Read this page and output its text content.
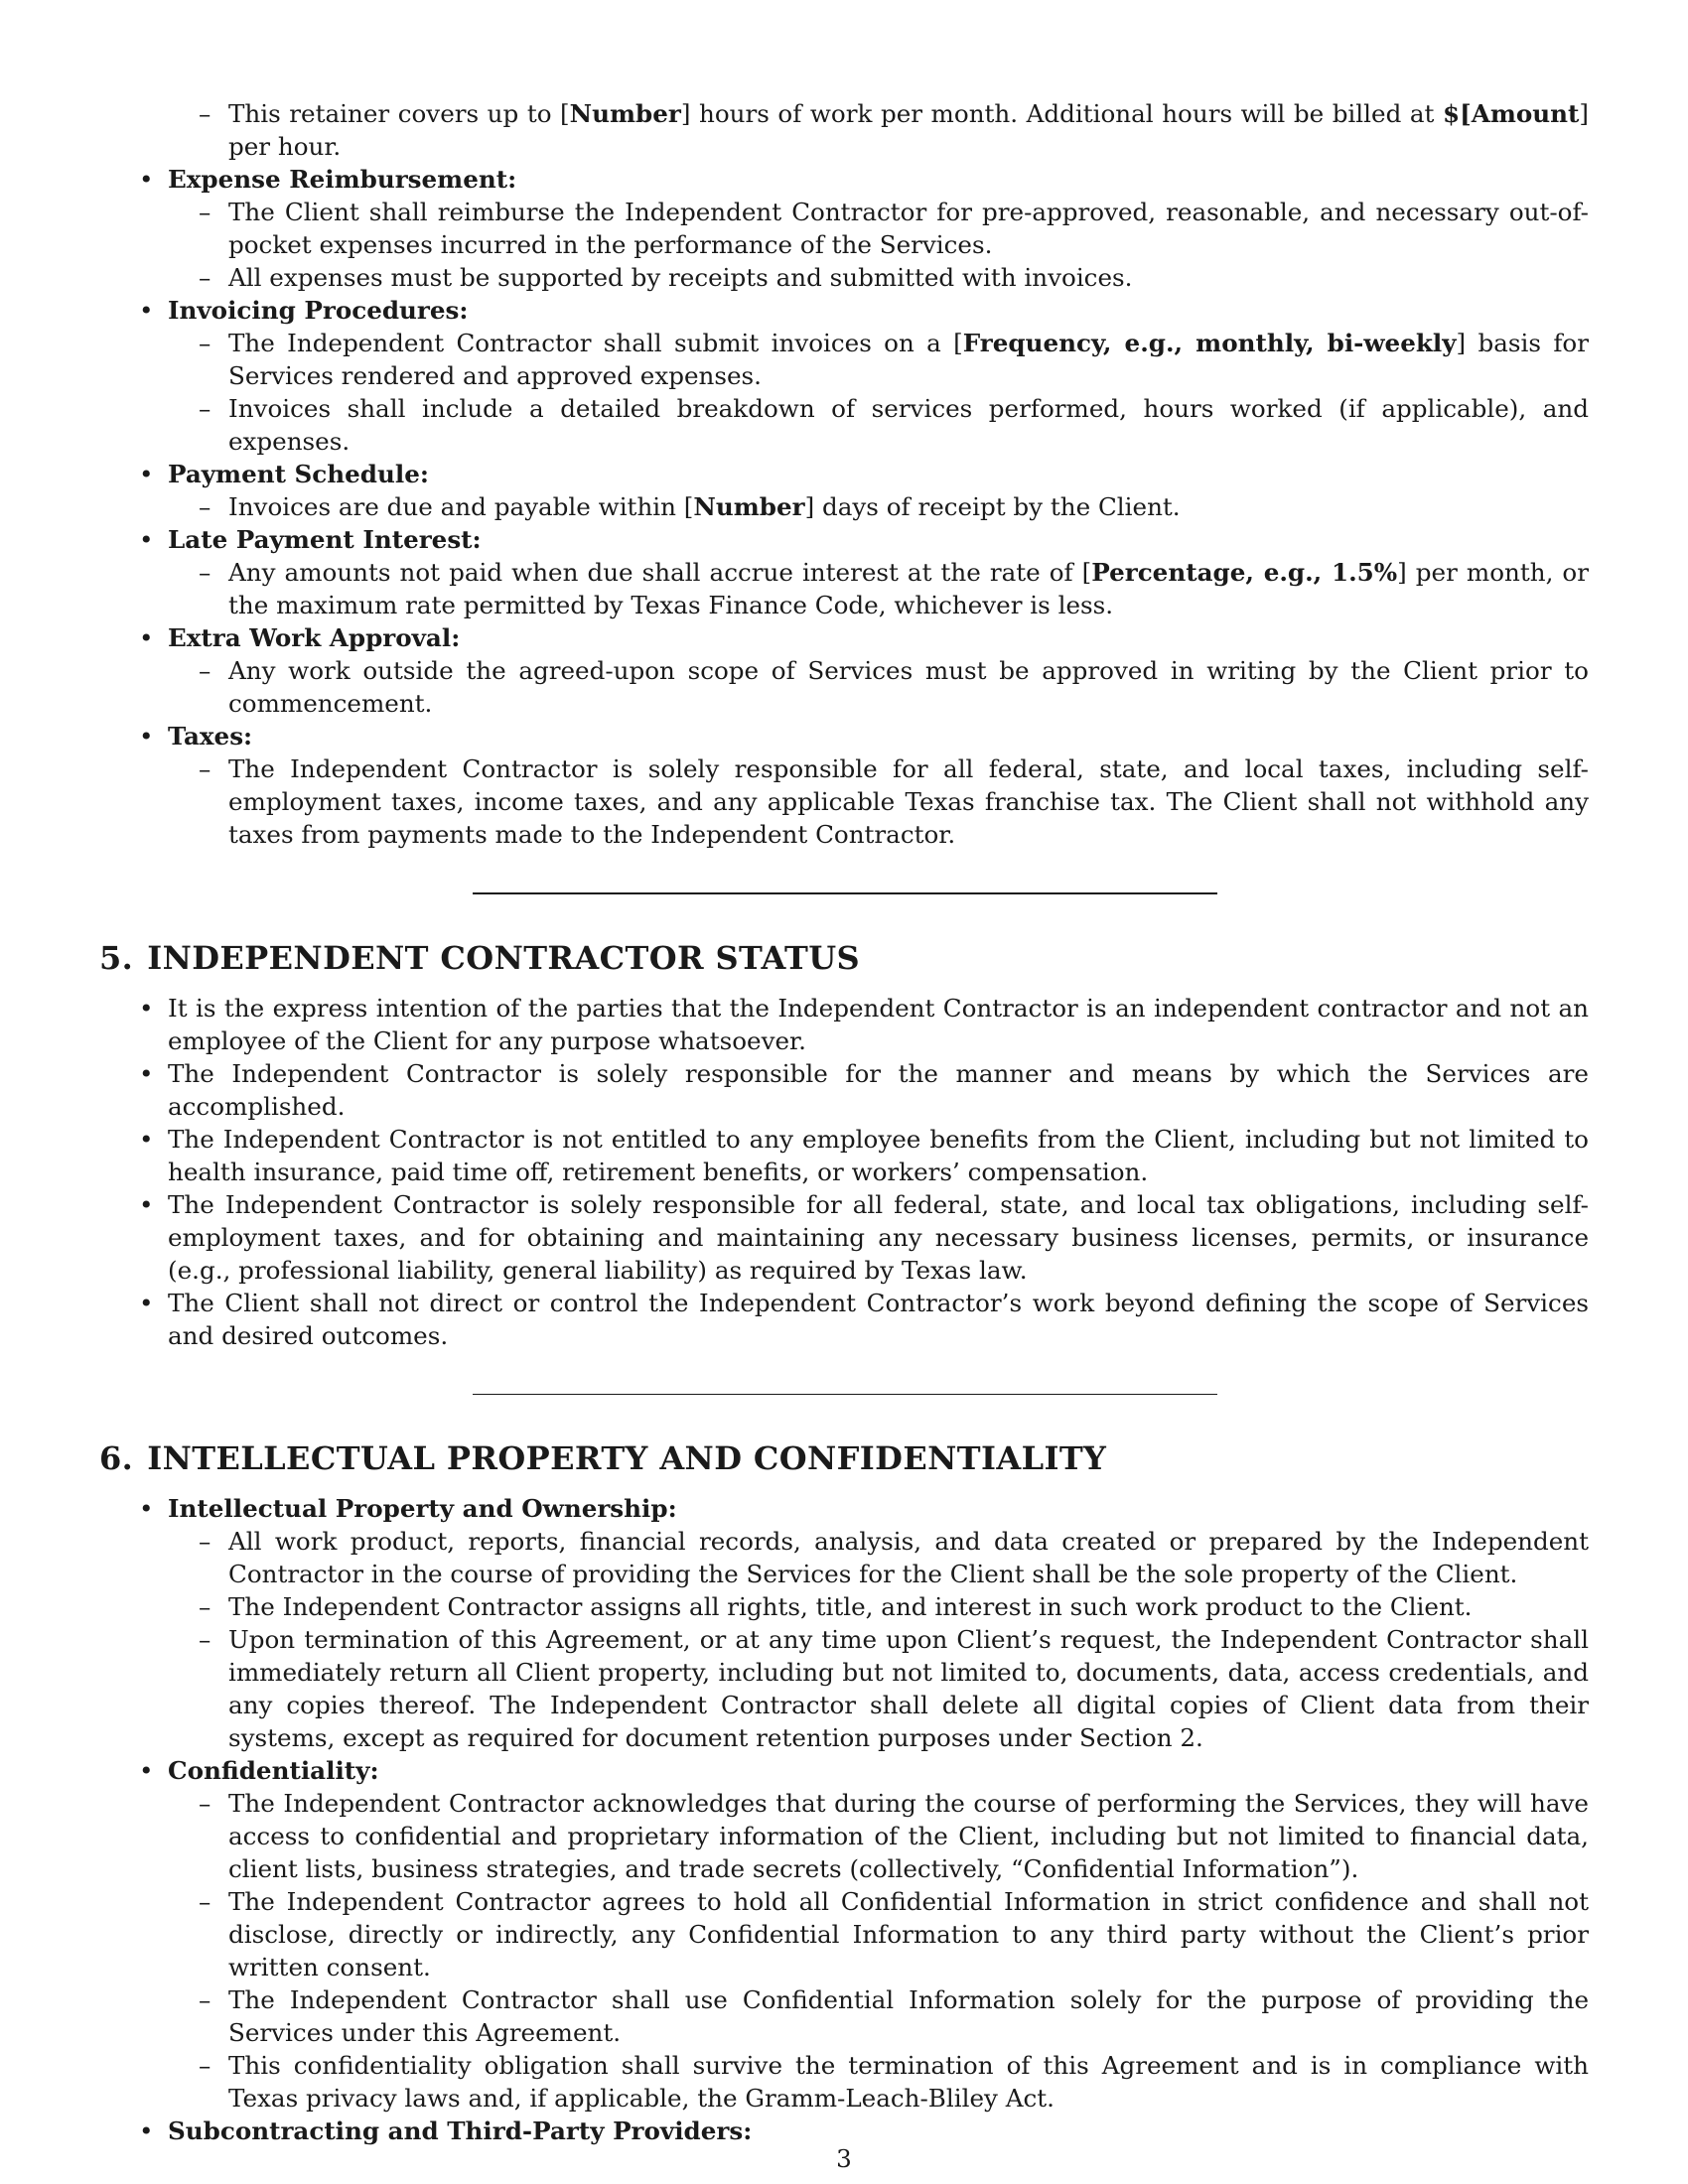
– This retainer covers up to [Number] hours of work per month. Additional hours will be billed at $[Amount] per hour.
• Expense Reimbursement:
– The Client shall reimburse the Independent Contractor for pre-approved, reasonable, and necessary out-of-pocket expenses incurred in the performance of the Services.
– All expenses must be supported by receipts and submitted with invoices.
• Invoicing Procedures:
– The Independent Contractor shall submit invoices on a [Frequency, e.g., monthly, bi-weekly] basis for Services rendered and approved expenses.
– Invoices shall include a detailed breakdown of services performed, hours worked (if applicable), and expenses.
• Payment Schedule:
– Invoices are due and payable within [Number] days of receipt by the Client.
• Late Payment Interest:
– Any amounts not paid when due shall accrue interest at the rate of [Percentage, e.g., 1.5%] per month, or the maximum rate permitted by Texas Finance Code, whichever is less.
• Extra Work Approval:
– Any work outside the agreed-upon scope of Services must be approved in writing by the Client prior to commencement.
• Taxes:
– The Independent Contractor is solely responsible for all federal, state, and local taxes, including self-employment taxes, income taxes, and any applicable Texas franchise tax. The Client shall not withhold any taxes from payments made to the Independent Contractor.
5. INDEPENDENT CONTRACTOR STATUS
• It is the express intention of the parties that the Independent Contractor is an independent contractor and not an employee of the Client for any purpose whatsoever.
• The Independent Contractor is solely responsible for the manner and means by which the Services are accomplished.
• The Independent Contractor is not entitled to any employee benefits from the Client, including but not limited to health insurance, paid time off, retirement benefits, or workers’ compensation.
• The Independent Contractor is solely responsible for all federal, state, and local tax obligations, including self-employment taxes, and for obtaining and maintaining any necessary business licenses, permits, or insurance (e.g., professional liability, general liability) as required by Texas law.
• The Client shall not direct or control the Independent Contractor’s work beyond defining the scope of Services and desired outcomes.
6. INTELLECTUAL PROPERTY AND CONFIDENTIALITY
• Intellectual Property and Ownership:
– All work product, reports, financial records, analysis, and data created or prepared by the Independent Contractor in the course of providing the Services for the Client shall be the sole property of the Client.
– The Independent Contractor assigns all rights, title, and interest in such work product to the Client.
– Upon termination of this Agreement, or at any time upon Client’s request, the Independent Contractor shall immediately return all Client property, including but not limited to, documents, data, access credentials, and any copies thereof. The Independent Contractor shall delete all digital copies of Client data from their systems, except as required for document retention purposes under Section 2.
• Confidentiality:
– The Independent Contractor acknowledges that during the course of performing the Services, they will have access to confidential and proprietary information of the Client, including but not limited to financial data, client lists, business strategies, and trade secrets (collectively, “Confidential Information”).
– The Independent Contractor agrees to hold all Confidential Information in strict confidence and shall not disclose, directly or indirectly, any Confidential Information to any third party without the Client’s prior written consent.
– The Independent Contractor shall use Confidential Information solely for the purpose of providing the Services under this Agreement.
– This confidentiality obligation shall survive the termination of this Agreement and is in compliance with Texas privacy laws and, if applicable, the Gramm-Leach-Bliley Act.
• Subcontracting and Third-Party Providers:
3
